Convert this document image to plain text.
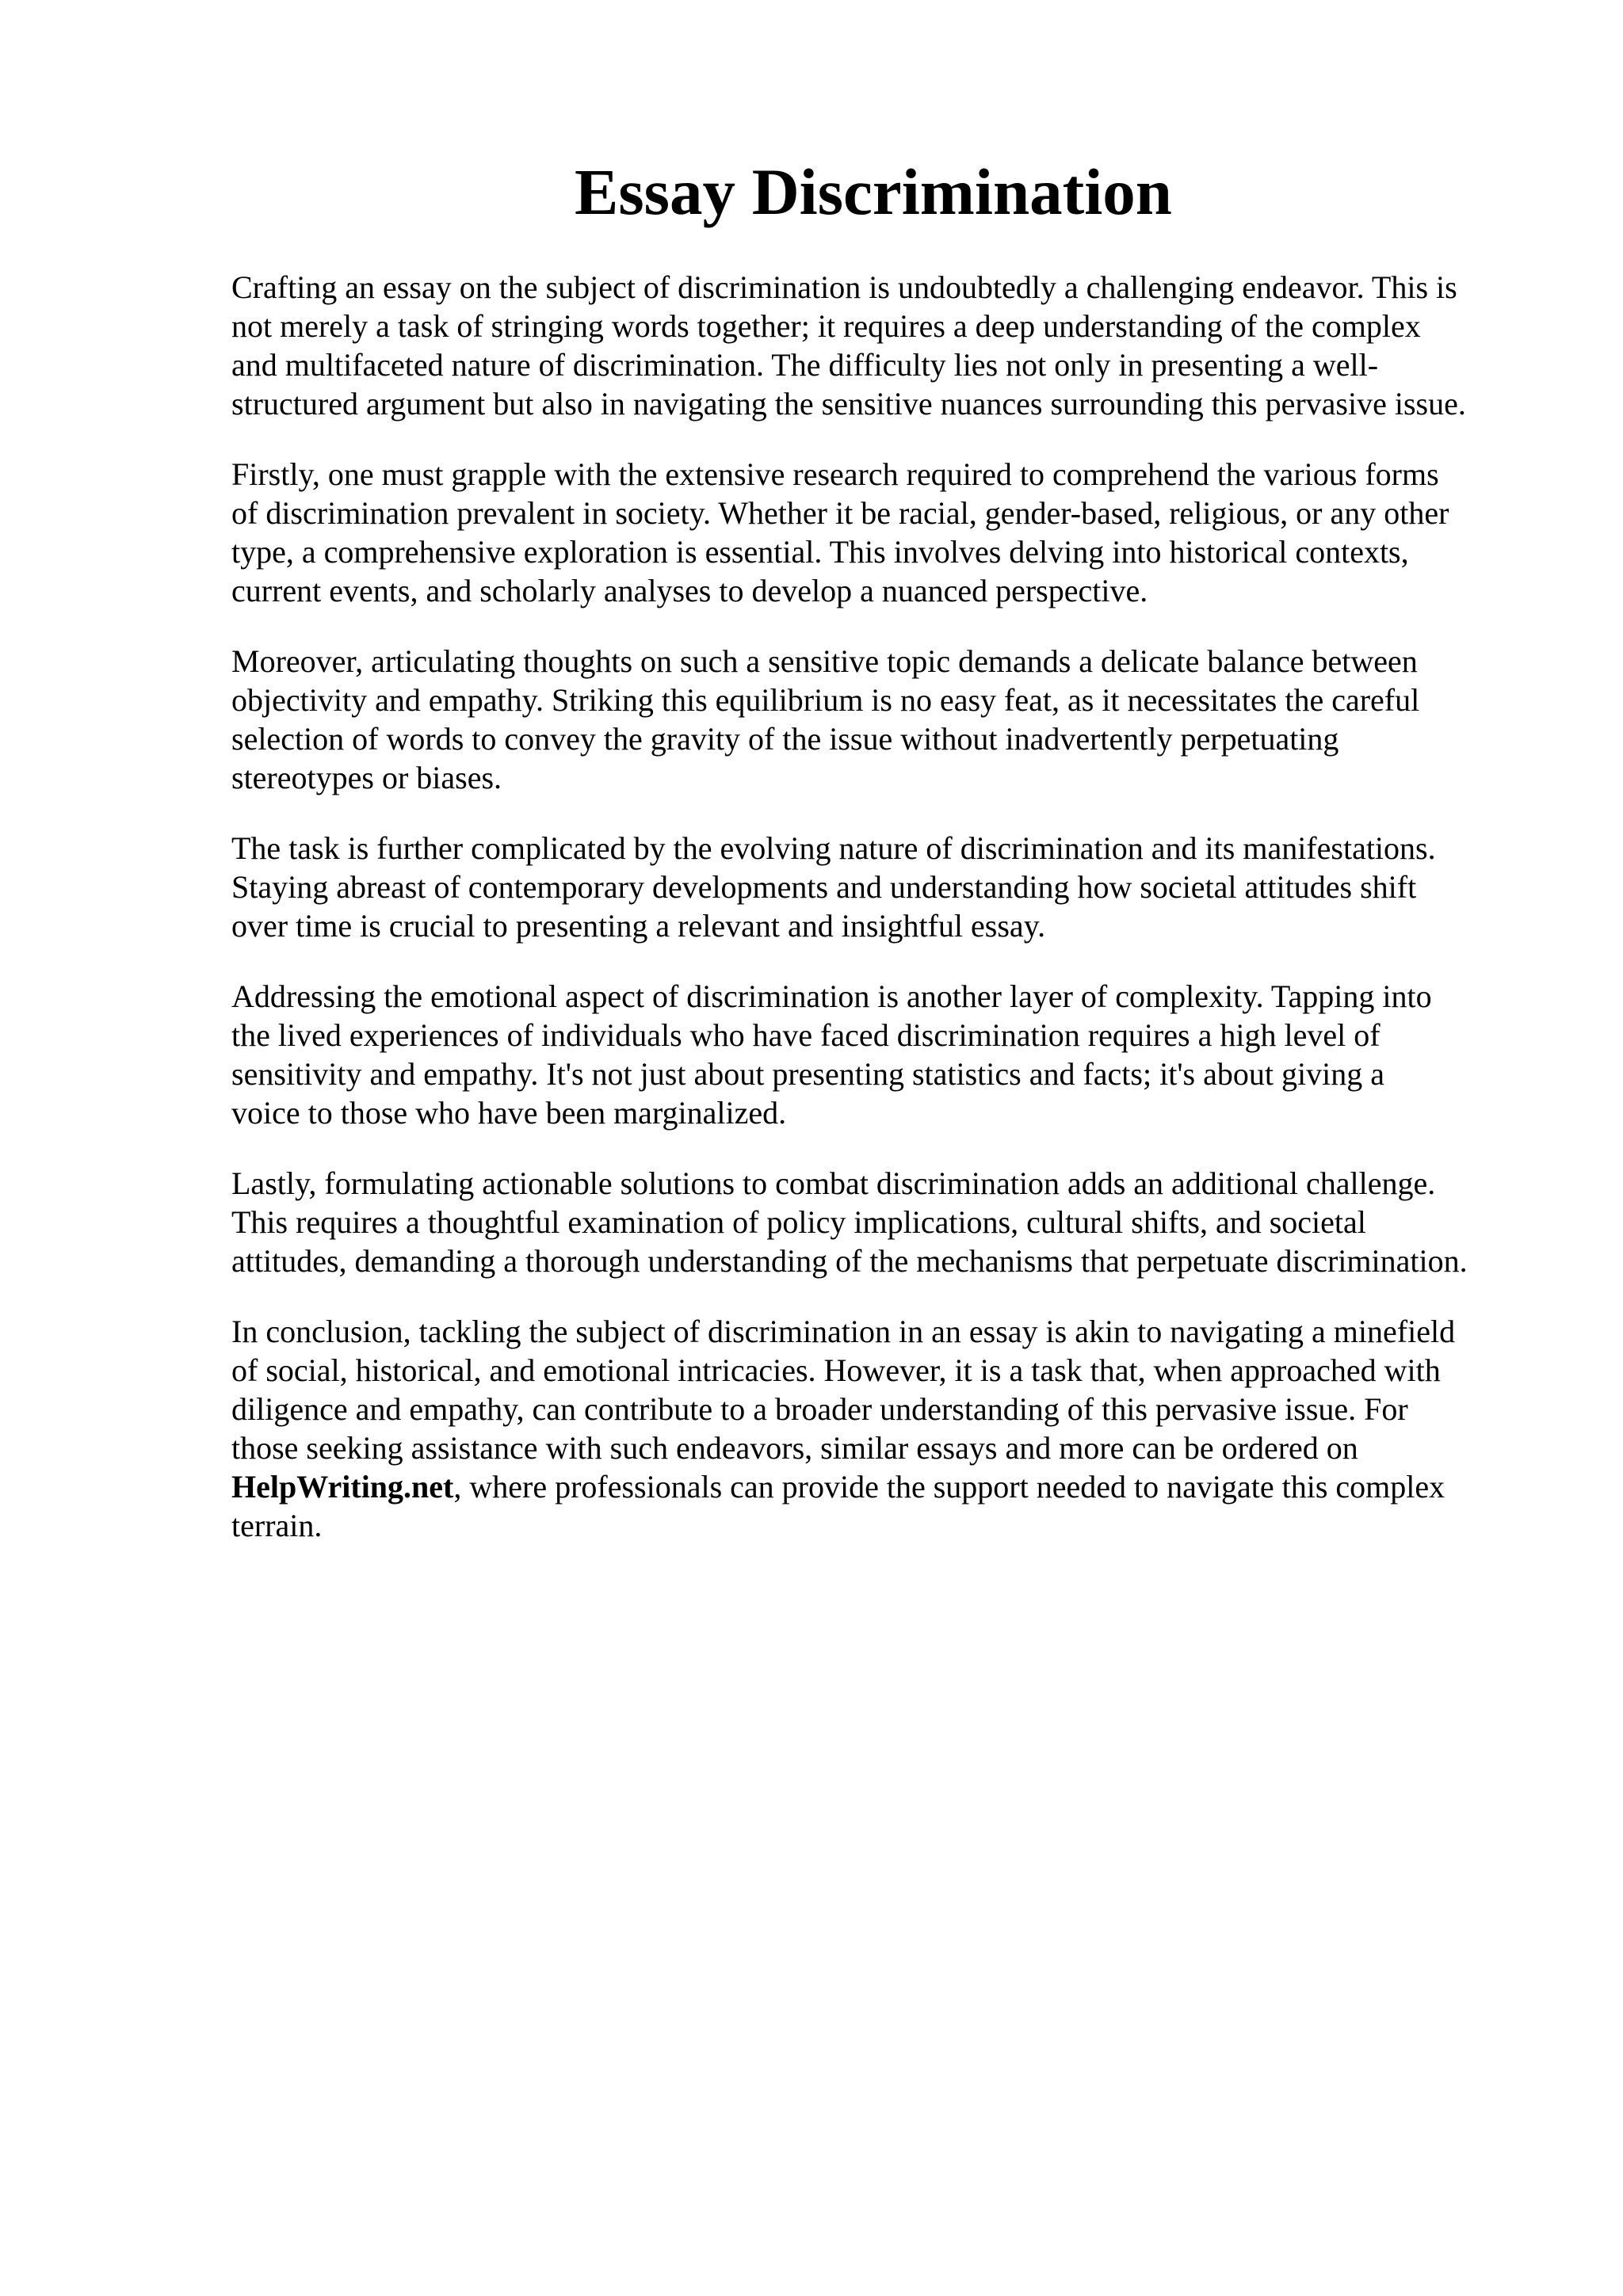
Essay Discrimination

Crafting an essay on the subject of discrimination is undoubtedly a challenging endeavor. This is
not merely a task of stringing words together; it requires a deep understanding of the complex
and multifaceted nature of discrimination. The difficulty lies not only in presenting a well-
structured argument but also in navigating the sensitive nuances surrounding this pervasive issue.

Firstly, one must grapple with the extensive research required to comprehend the various forms
of discrimination prevalent in society. Whether it be racial, gender-based, religious, or any other
type, a comprehensive exploration is essential. This involves delving into historical contexts,
current events, and scholarly analyses to develop a nuanced perspective.

Moreover, articulating thoughts on such a sensitive topic demands a delicate balance between
objectivity and empathy. Striking this equilibrium is no easy feat, as it necessitates the careful
selection of words to convey the gravity of the issue without inadvertently perpetuating
stereotypes or biases.

The task is further complicated by the evolving nature of discrimination and its manifestations.
Staying abreast of contemporary developments and understanding how societal attitudes shift
over time is crucial to presenting a relevant and insightful essay.

Addressing the emotional aspect of discrimination is another layer of complexity. Tapping into
the lived experiences of individuals who have faced discrimination requires a high level of
sensitivity and empathy. It's not just about presenting statistics and facts; it's about giving a
voice to those who have been marginalized.

Lastly, formulating actionable solutions to combat discrimination adds an additional challenge.
This requires a thoughtful examination of policy implications, cultural shifts, and societal
attitudes, demanding a thorough understanding of the mechanisms that perpetuate discrimination.

In conclusion, tackling the subject of discrimination in an essay is akin to navigating a minefield
of social, historical, and emotional intricacies. However, it is a task that, when approached with
diligence and empathy, can contribute to a broader understanding of this pervasive issue. For
those seeking assistance with such endeavors, similar essays and more can be ordered on
HelpWriting.net, where professionals can provide the support needed to navigate this complex
terrain.
